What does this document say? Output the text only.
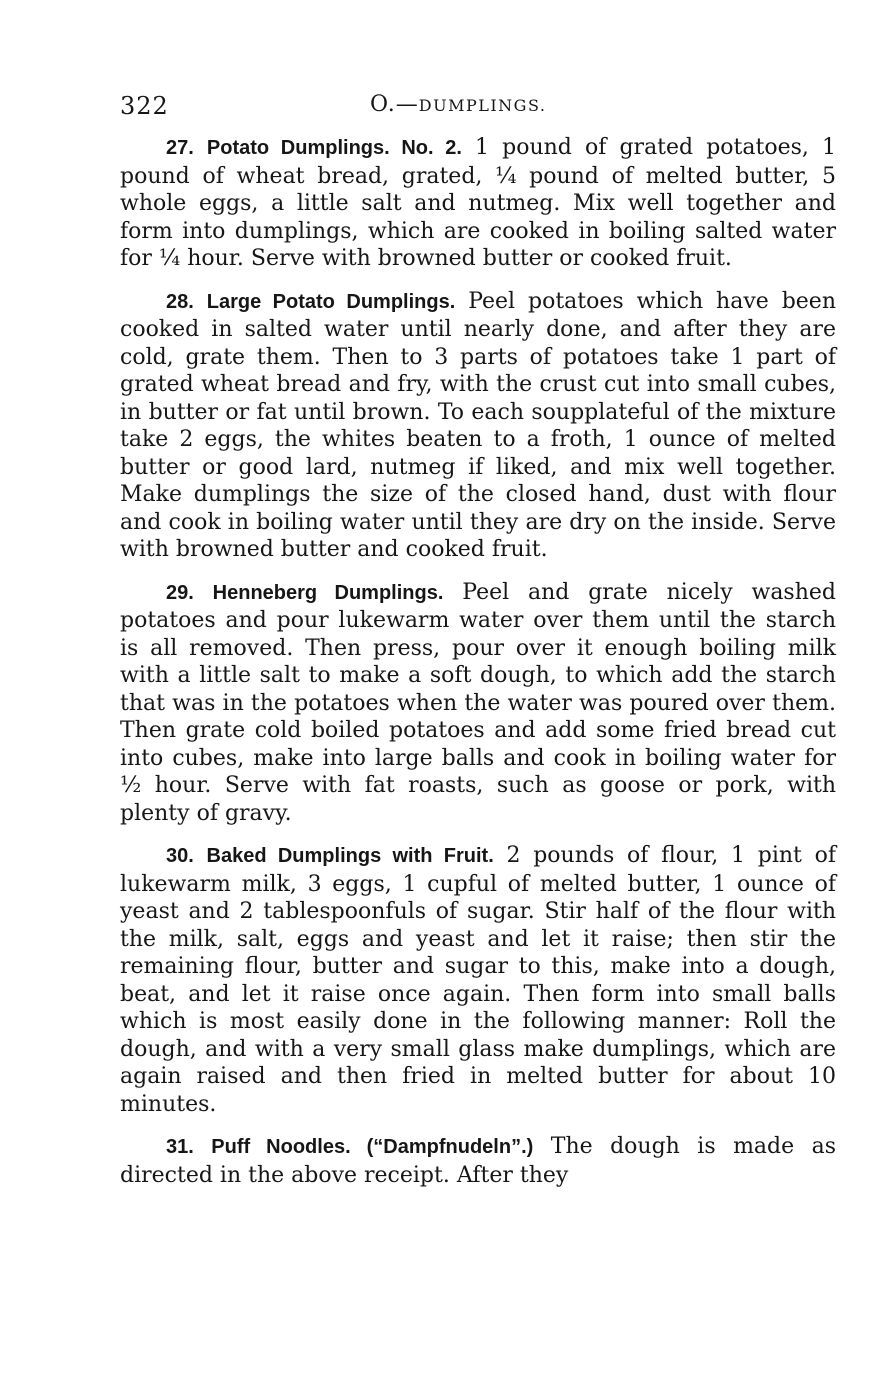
322	O.—DUMPLINGS.

27. Potato Dumplings. No. 2. 1 pound of grated potatoes, 1 pound of wheat bread, grated, ¼ pound of melted butter, 5 whole eggs, a little salt and nutmeg. Mix well together and form into dumplings, which are cooked in boiling salted water for ¼ hour. Serve with browned butter or cooked fruit.

28. Large Potato Dumplings. Peel potatoes which have been cooked in salted water until nearly done, and after they are cold, grate them. Then to 3 parts of potatoes take 1 part of grated wheat bread and fry, with the crust cut into small cubes, in butter or fat until brown. To each soupplateful of the mixture take 2 eggs, the whites beaten to a froth, 1 ounce of melted butter or good lard, nutmeg if liked, and mix well together. Make dumplings the size of the closed hand, dust with flour and cook in boiling water until they are dry on the inside. Serve with browned butter and cooked fruit.

29. Henneberg Dumplings. Peel and grate nicely washed potatoes and pour lukewarm water over them until the starch is all removed. Then press, pour over it enough boiling milk with a little salt to make a soft dough, to which add the starch that was in the potatoes when the water was poured over them. Then grate cold boiled potatoes and add some fried bread cut into cubes, make into large balls and cook in boiling water for ½ hour. Serve with fat roasts, such as goose or pork, with plenty of gravy.

30. Baked Dumplings with Fruit. 2 pounds of flour, 1 pint of lukewarm milk, 3 eggs, 1 cupful of melted butter, 1 ounce of yeast and 2 tablespoonfuls of sugar. Stir half of the flour with the milk, salt, eggs and yeast and let it raise; then stir the remaining flour, butter and sugar to this, make into a dough, beat, and let it raise once again. Then form into small balls which is most easily done in the following manner: Roll the dough, and with a very small glass make dumplings, which are again raised and then fried in melted butter for about 10 minutes.

31. Puff Noodles. (“Dampfnudeln”.) The dough is made as directed in the above receipt. After they
